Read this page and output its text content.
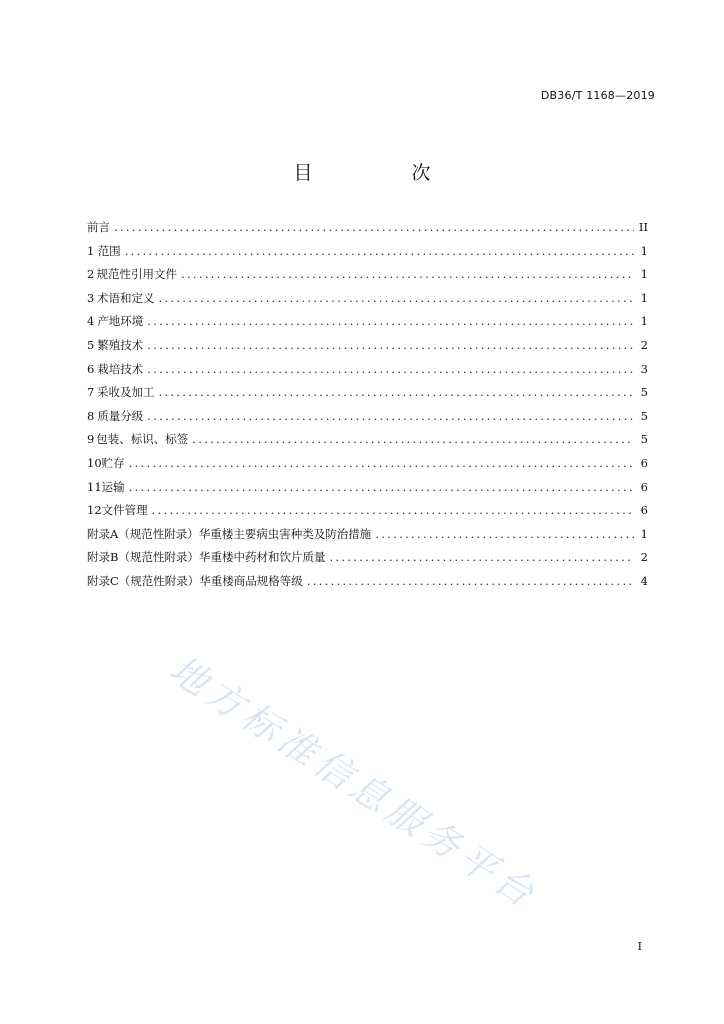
DB36/T 1168—2019
目　次
前言 .....	II
1 范围 .....	1
2 规范性引用文件 .....	1
3 术语和定义 .....	1
4 产地环境 .....	1
5 繁殖技术 .....	2
6 栽培技术 .....	3
7 采收及加工 .....	5
8 质量分级 .....	5
9 包装、标识、标签 .....	5
10 贮存 .....	6
11 运输 .....	6
12 文件管理 .....	6
附录A（规范性附录） 华重楼主要病虫害种类及防治措施 .....	1
附录B（规范性附录） 华重楼中药材和饮片质量 .....	2
附录C（规范性附录） 华重楼商品规格等级 .....	4
地方标准信息服务平台
I
